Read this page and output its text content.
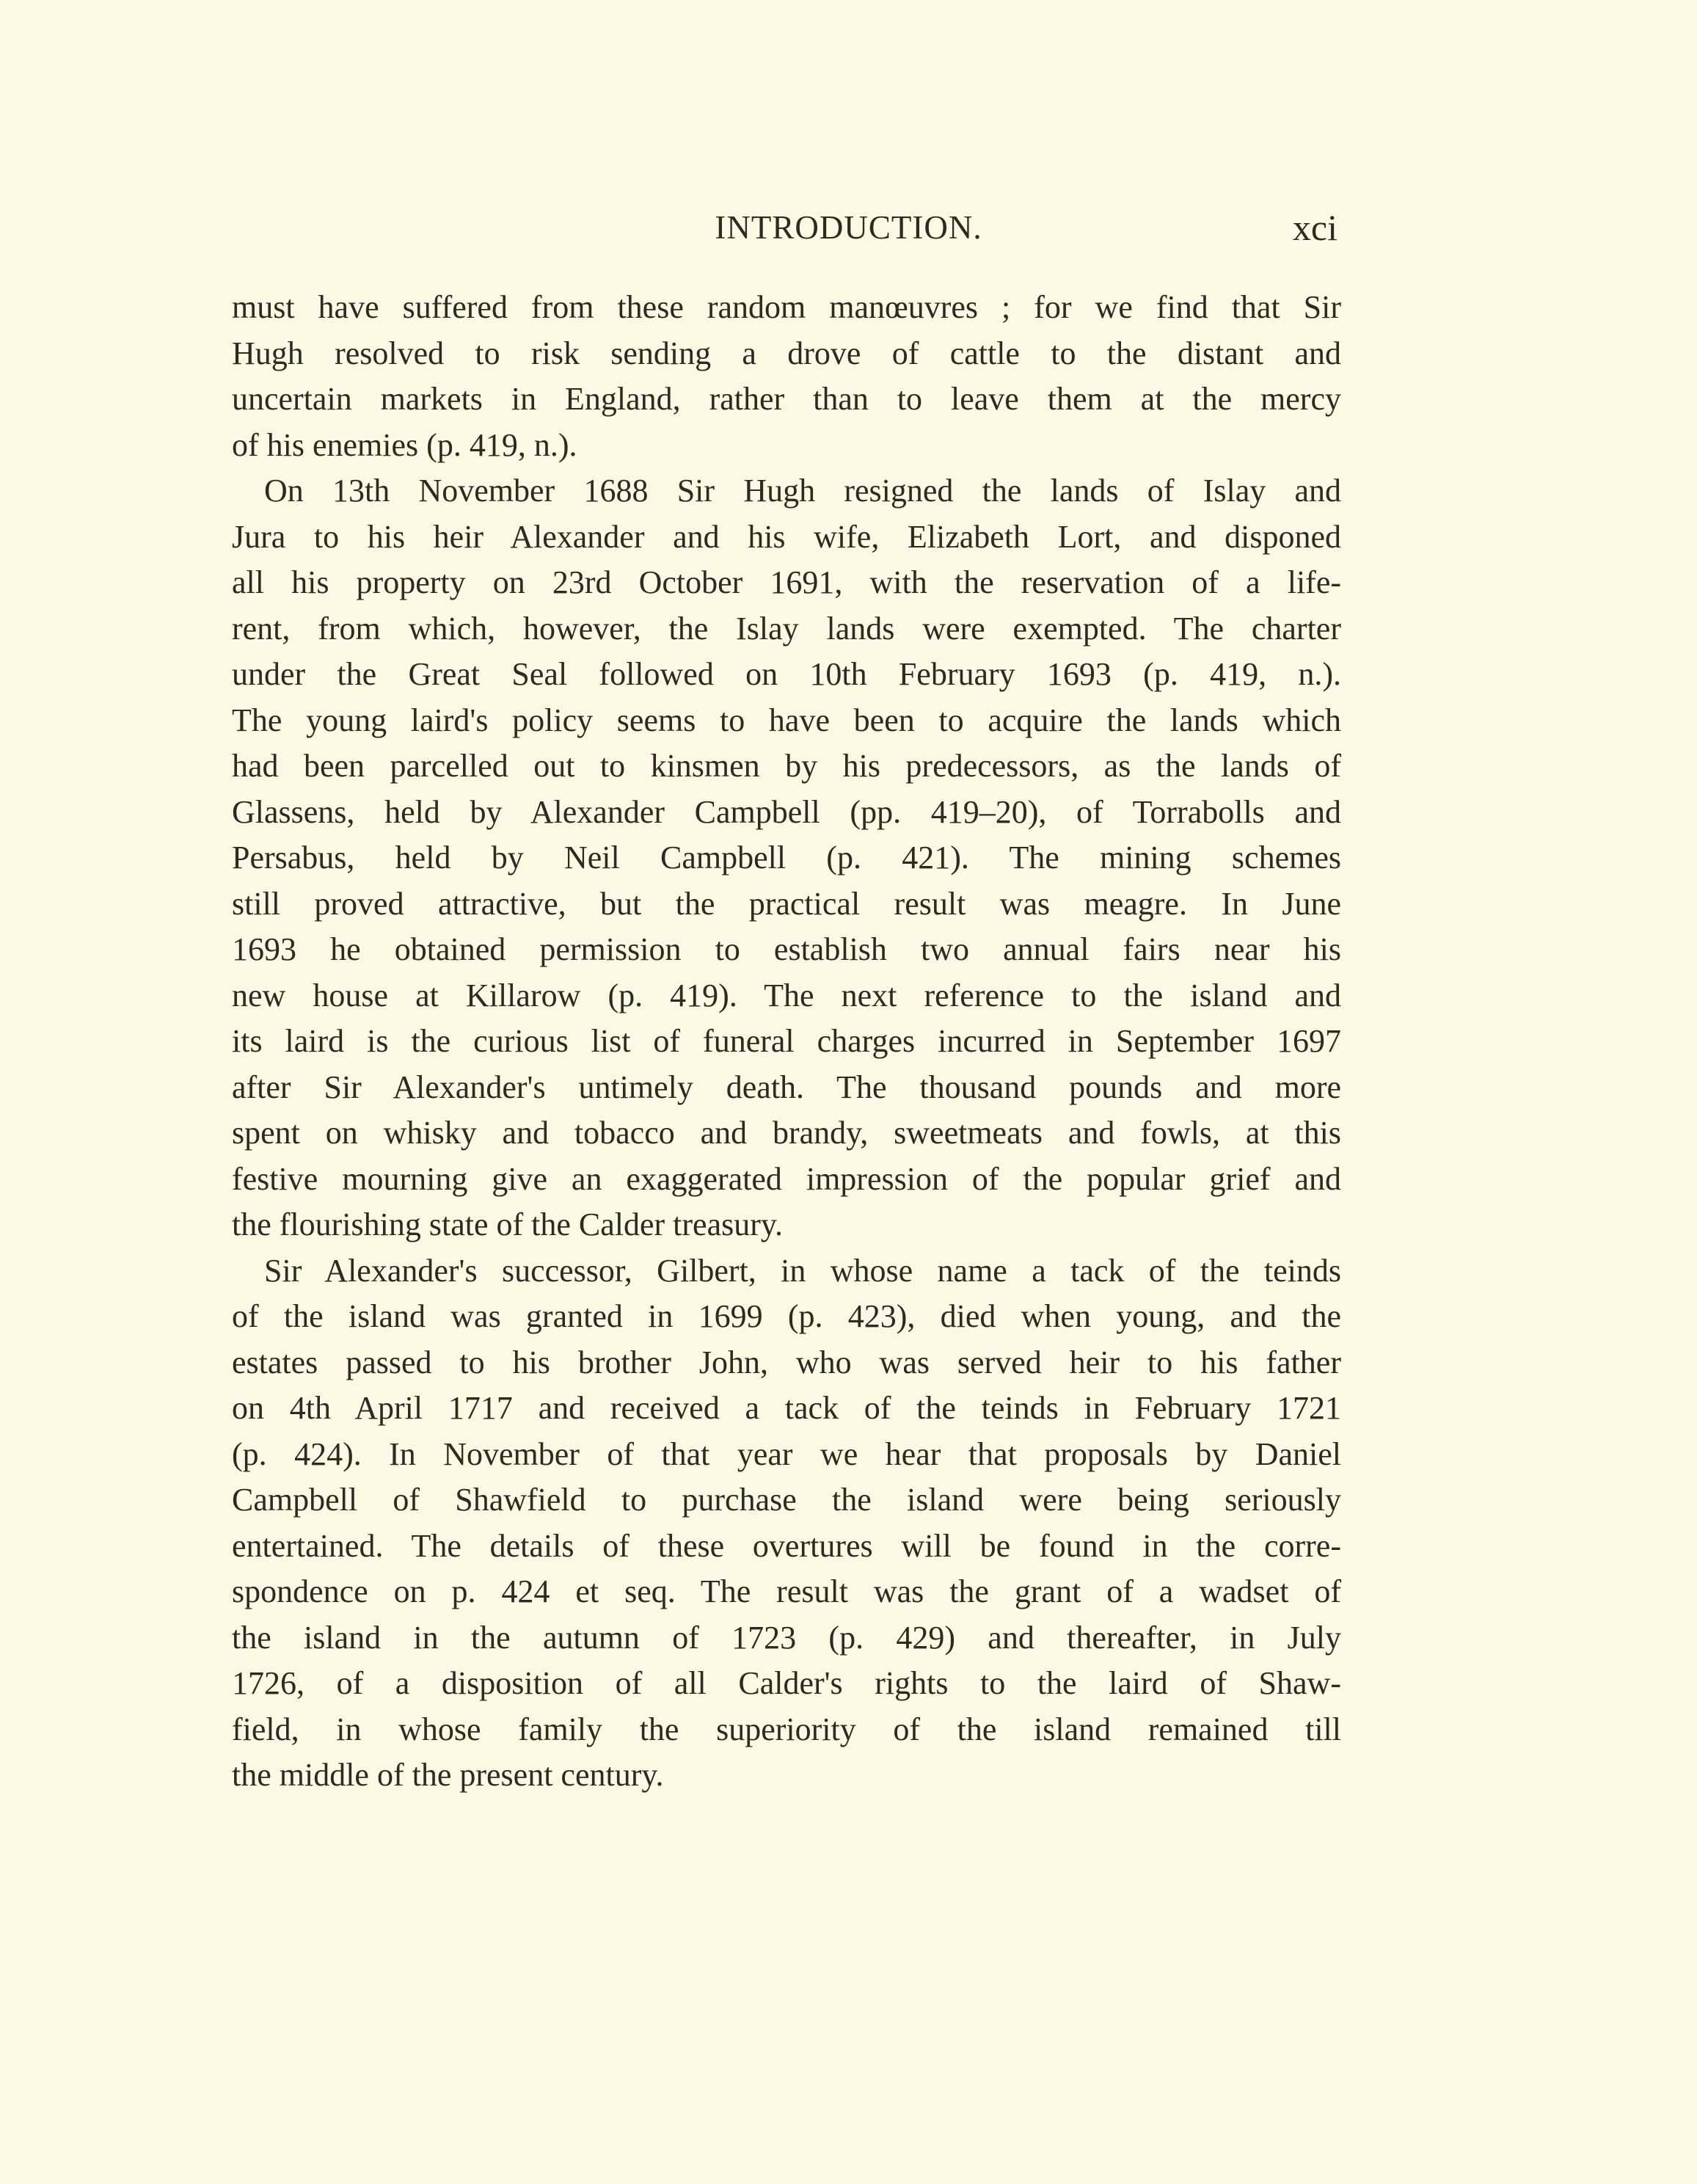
INTRODUCTION.	xci
must have suffered from these random manœuvres ; for we find that Sir
Hugh resolved to risk sending a drove of cattle to the distant and
uncertain markets in England, rather than to leave them at the mercy
of his enemies (p. 419, n.).
On 13th November 1688 Sir Hugh resigned the lands of Islay and
Jura to his heir Alexander and his wife, Elizabeth Lort, and disponed
all his property on 23rd October 1691, with the reservation of a life-
rent, from which, however, the Islay lands were exempted. The charter
under the Great Seal followed on 10th February 1693 (p. 419, n.).
The young laird's policy seems to have been to acquire the lands which
had been parcelled out to kinsmen by his predecessors, as the lands of
Glassens, held by Alexander Campbell (pp. 419–20), of Torrabolls and
Persabus, held by Neil Campbell (p. 421). The mining schemes
still proved attractive, but the practical result was meagre. In June
1693 he obtained permission to establish two annual fairs near his
new house at Killarow (p. 419). The next reference to the island and
its laird is the curious list of funeral charges incurred in September 1697
after Sir Alexander's untimely death. The thousand pounds and more
spent on whisky and tobacco and brandy, sweetmeats and fowls, at this
festive mourning give an exaggerated impression of the popular grief and
the flourishing state of the Calder treasury.
Sir Alexander's successor, Gilbert, in whose name a tack of the teinds
of the island was granted in 1699 (p. 423), died when young, and the
estates passed to his brother John, who was served heir to his father
on 4th April 1717 and received a tack of the teinds in February 1721
(p. 424). In November of that year we hear that proposals by Daniel
Campbell of Shawfield to purchase the island were being seriously
entertained. The details of these overtures will be found in the corre-
spondence on p. 424 et seq. The result was the grant of a wadset of
the island in the autumn of 1723 (p. 429) and thereafter, in July
1726, of a disposition of all Calder's rights to the laird of Shaw-
field, in whose family the superiority of the island remained till
the middle of the present century.
